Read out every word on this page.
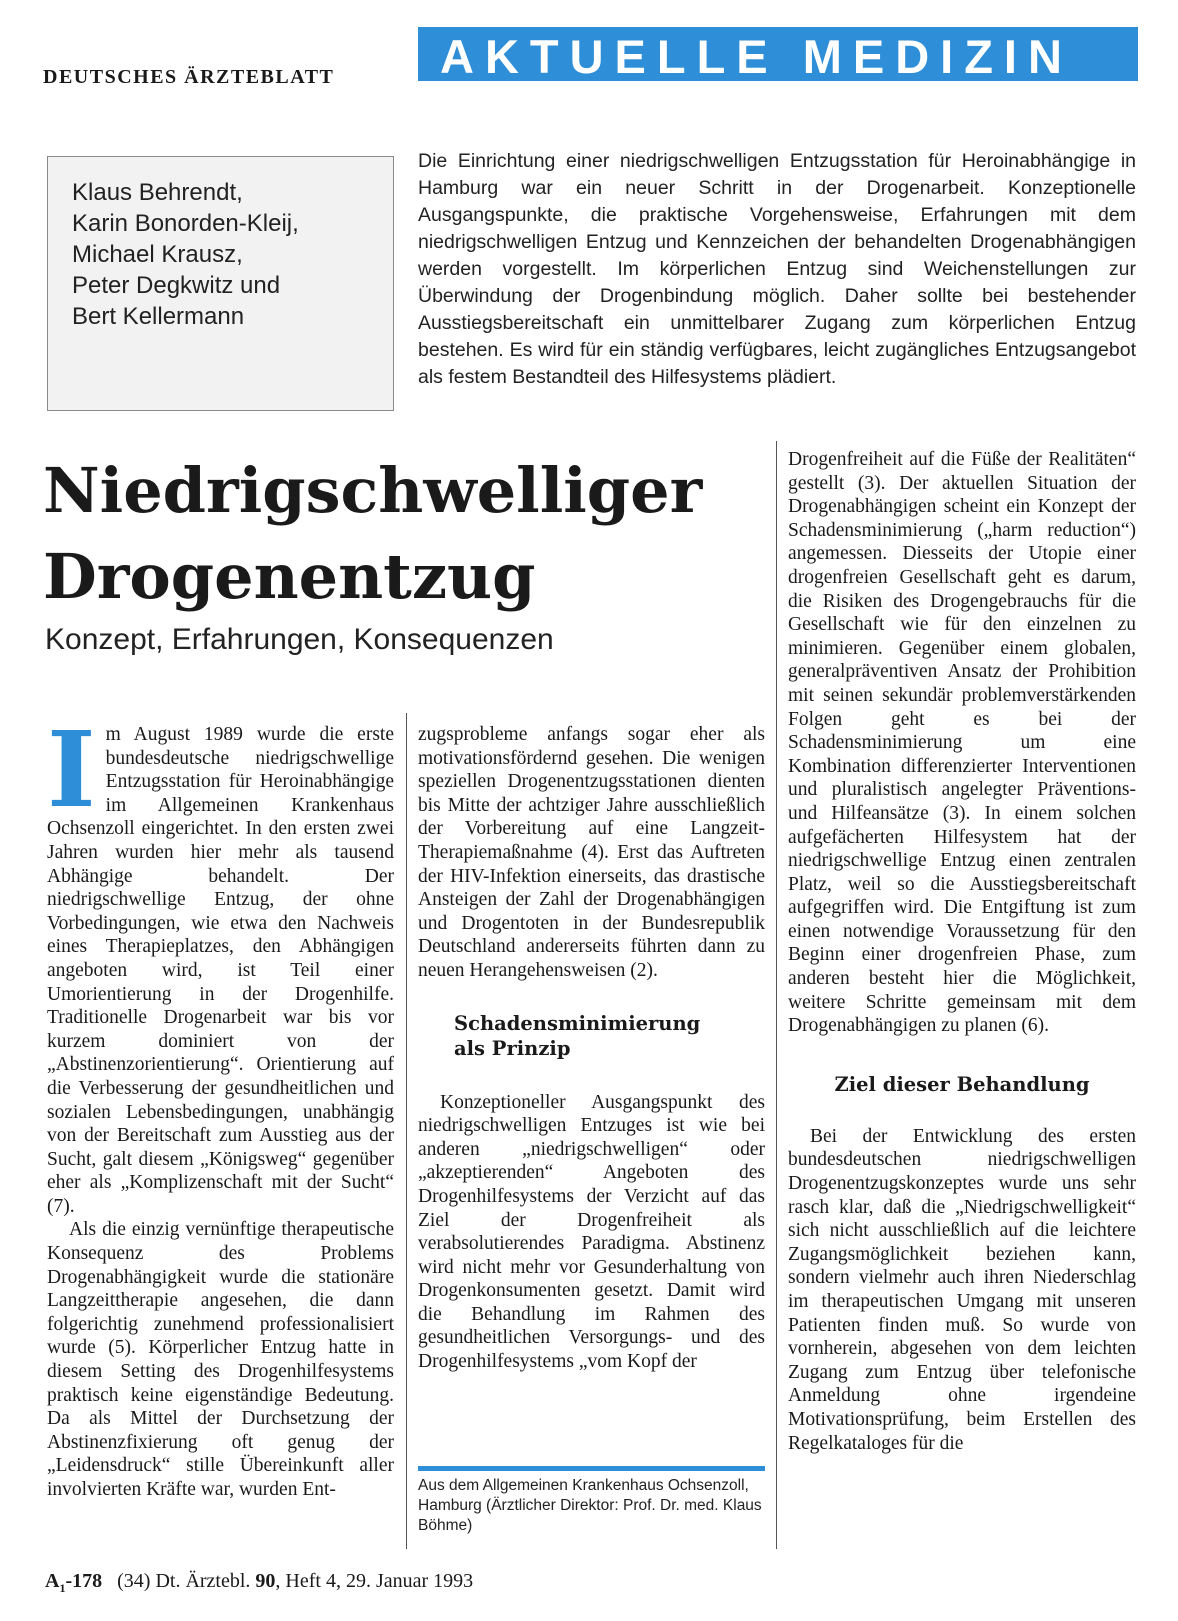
DEUTSCHES ÄRZTEBLATT AKTUELLE MEDIZIN
Klaus Behrendt,
Karin Bonorden-Kleij,
Michael Krausz,
Peter Degkwitz und
Bert Kellermann
Die Einrichtung einer niedrigschwelligen Entzugsstation für Heroinabhängige in Hamburg war ein neuer Schritt in der Drogenarbeit. Konzeptionelle Ausgangspunkte, die praktische Vorgehensweise, Erfahrungen mit dem niedrigschwelligen Entzug und Kennzeichen der behandelten Drogenabhängigen werden vorgestellt. Im körperlichen Entzug sind Weichenstellungen zur Überwindung der Drogenbindung möglich. Daher sollte bei bestehender Ausstiegsbereitschaft ein unmittelbarer Zugang zum körperlichen Entzug bestehen. Es wird für ein ständig verfügbares, leicht zugängliches Entzugsangebot als festem Bestandteil des Hilfesystems plädiert.
Niedrigschwelliger
Drogenentzug
Konzept, Erfahrungen, Konsequenzen

Im August 1989 wurde die erste bundesdeutsche niedrigschwellige Entzugsstation für Heroinabhängige im Allgemeinen Krankenhaus Ochsenzoll eingerichtet. In den ersten zwei Jahren wurden hier mehr als tausend Abhängige behandelt. Der niedrigschwellige Entzug, der ohne Vorbedingungen, wie etwa den Nachweis eines Therapieplatzes, den Abhängigen angeboten wird, ist Teil einer Umorientierung in der Drogenhilfe. Traditionelle Drogenarbeit war bis vor kurzem dominiert von der „Abstinenzorientierung“. Orientierung auf die Verbesserung der gesundheitlichen und sozialen Lebensbedingungen, unabhängig von der Bereitschaft zum Ausstieg aus der Sucht, galt diesem „Königsweg“ gegenüber eher als „Komplizenschaft mit der Sucht“ (7).

Als die einzig vernünftige therapeutische Konsequenz des Problems Drogenabhängigkeit wurde die stationäre Langzeittherapie angesehen, die dann folgerichtig zunehmend professionalisiert wurde (5). Körperlicher Entzug hatte in diesem Setting des Drogenhilfesystems praktisch keine eigenständige Bedeutung. Da als Mittel der Durchsetzung der Abstinenzfixierung oft genug der „Leidensdruck“ stille Übereinkunft aller involvierten Kräfte war, wurden Ent-

zugsprobleme anfangs sogar eher als motivationsfördernd gesehen. Die wenigen speziellen Drogenentzugsstationen dienten bis Mitte der achtziger Jahre ausschließlich der Vorbereitung auf eine Langzeit-Therapiemaßnahme (4). Erst das Auftreten der HIV-Infektion einerseits, das drastische Ansteigen der Zahl der Drogenabhängigen und Drogentoten in der Bundesrepublik Deutschland andererseits führten dann zu neuen Herangehensweisen (2).

Schadensminimierung
als Prinzip

Konzeptioneller Ausgangspunkt des niedrigschwelligen Entzuges ist wie bei anderen „niedrigschwelligen“ oder „akzeptierenden“ Angeboten des Drogenhilfesystems der Verzicht auf das Ziel der Drogenfreiheit als verabsolutierendes Paradigma. Abstinenz wird nicht mehr vor Gesunderhaltung von Drogenkonsumenten gesetzt. Damit wird die Behandlung im Rahmen des gesundheitlichen Versorgungs- und des Drogenhilfesystems „vom Kopf der

Aus dem Allgemeinen Krankenhaus Ochsenzoll, Hamburg (Ärztlicher Direktor: Prof. Dr. med. Klaus Böhme)

Drogenfreiheit auf die Füße der Realitäten“ gestellt (3). Der aktuellen Situation der Drogenabhängigen scheint ein Konzept der Schadensminimierung („harm reduction“) angemessen. Diesseits der Utopie einer drogenfreien Gesellschaft geht es darum, die Risiken des Drogengebrauchs für die Gesellschaft wie für den einzelnen zu minimieren. Gegenüber einem globalen, generalpräventiven Ansatz der Prohibition mit seinen sekundär problemverstärkenden Folgen geht es bei der Schadensminimierung um eine Kombination differenzierter Interventionen und pluralistisch angelegter Präventions- und Hilfeansätze (3). In einem solchen aufgefächerten Hilfesystem hat der niedrigschwellige Entzug einen zentralen Platz, weil so die Ausstiegsbereitschaft aufgegriffen wird. Die Entgiftung ist zum einen notwendige Voraussetzung für den Beginn einer drogenfreien Phase, zum anderen besteht hier die Möglichkeit, weitere Schritte gemeinsam mit dem Drogenabhängigen zu planen (6).

Ziel dieser Behandlung

Bei der Entwicklung des ersten bundesdeutschen niedrigschwelligen Drogenentzugskonzeptes wurde uns sehr rasch klar, daß die „Niedrigschwelligkeit“ sich nicht ausschließlich auf die leichtere Zugangsmöglichkeit beziehen kann, sondern vielmehr auch ihren Niederschlag im therapeutischen Umgang mit unseren Patienten finden muß. So wurde von vornherein, abgesehen von dem leichten Zugang zum Entzug über telefonische Anmeldung ohne irgendeine Motivationsprüfung, beim Erstellen des Regelkataloges für die

$A_1-178$ (34) Dt. Ärztebl. 90, Heft 4, 29. Januar 1993
